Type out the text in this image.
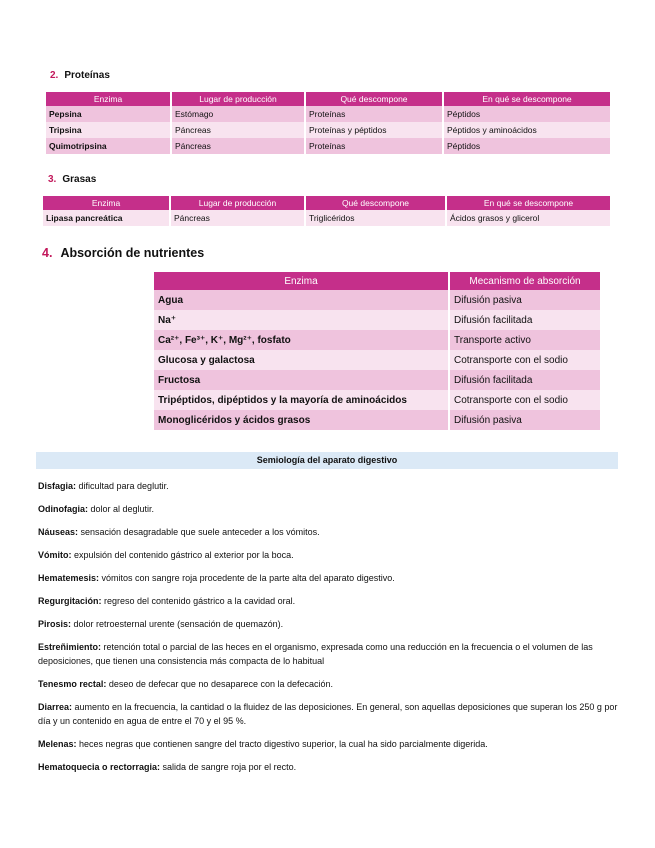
2. Proteínas
Enzima	Lugar de producción	Qué descompone	En qué se descompone
Pepsina	Estómago	Proteínas	Péptidos
Tripsina	Páncreas	Proteínas y péptidos	Péptidos y aminoácidos
Quimotripsina	Páncreas	Proteínas	Péptidos
3. Grasas
Enzima	Lugar de producción	Qué descompone	En qué se descompone
Lipasa pancreática	Páncreas	Triglicéridos	Ácidos grasos y glicerol
4. Absorción de nutrientes
Enzima	Mecanismo de absorción
Agua	Difusión pasiva
Na⁺	Difusión facilitada
Ca²⁺, Fe³⁺, K⁺, Mg²⁺, fosfato	Transporte activo
Glucosa y galactosa	Cotransporte con el sodio
Fructosa	Difusión facilitada
Tripéptidos, dipéptidos y la mayoría de aminoácidos	Cotransporte con el sodio
Monoglicéridos y ácidos grasos	Difusión pasiva
Semiología del aparato digestivo

Disfagia: dificultad para deglutir.

Odinofagia: dolor al deglutir.

Náuseas: sensación desagradable que suele anteceder a los vómitos.

Vómito: expulsión del contenido gástrico al exterior por la boca.

Hematemesis: vómitos con sangre roja procedente de la parte alta del aparato digestivo.

Regurgitación: regreso del contenido gástrico a la cavidad oral.

Pirosis: dolor retroesternal urente (sensación de quemazón).

Estreñimiento: retención total o parcial de las heces en el organismo, expresada como una reducción en la frecuencia o el volumen de las deposiciones, que tienen una consistencia más compacta de lo habitual

Tenesmo rectal: deseo de defecar que no desaparece con la defecación.

Diarrea: aumento en la frecuencia, la cantidad o la fluidez de las deposiciones. En general, son aquellas deposiciones que superan los 250 g por día y un contenido en agua de entre el 70 y el 95 %.

Melenas: heces negras que contienen sangre del tracto digestivo superior, la cual ha sido parcialmente digerida.

Hematoquecia o rectorragia: salida de sangre roja por el recto.
